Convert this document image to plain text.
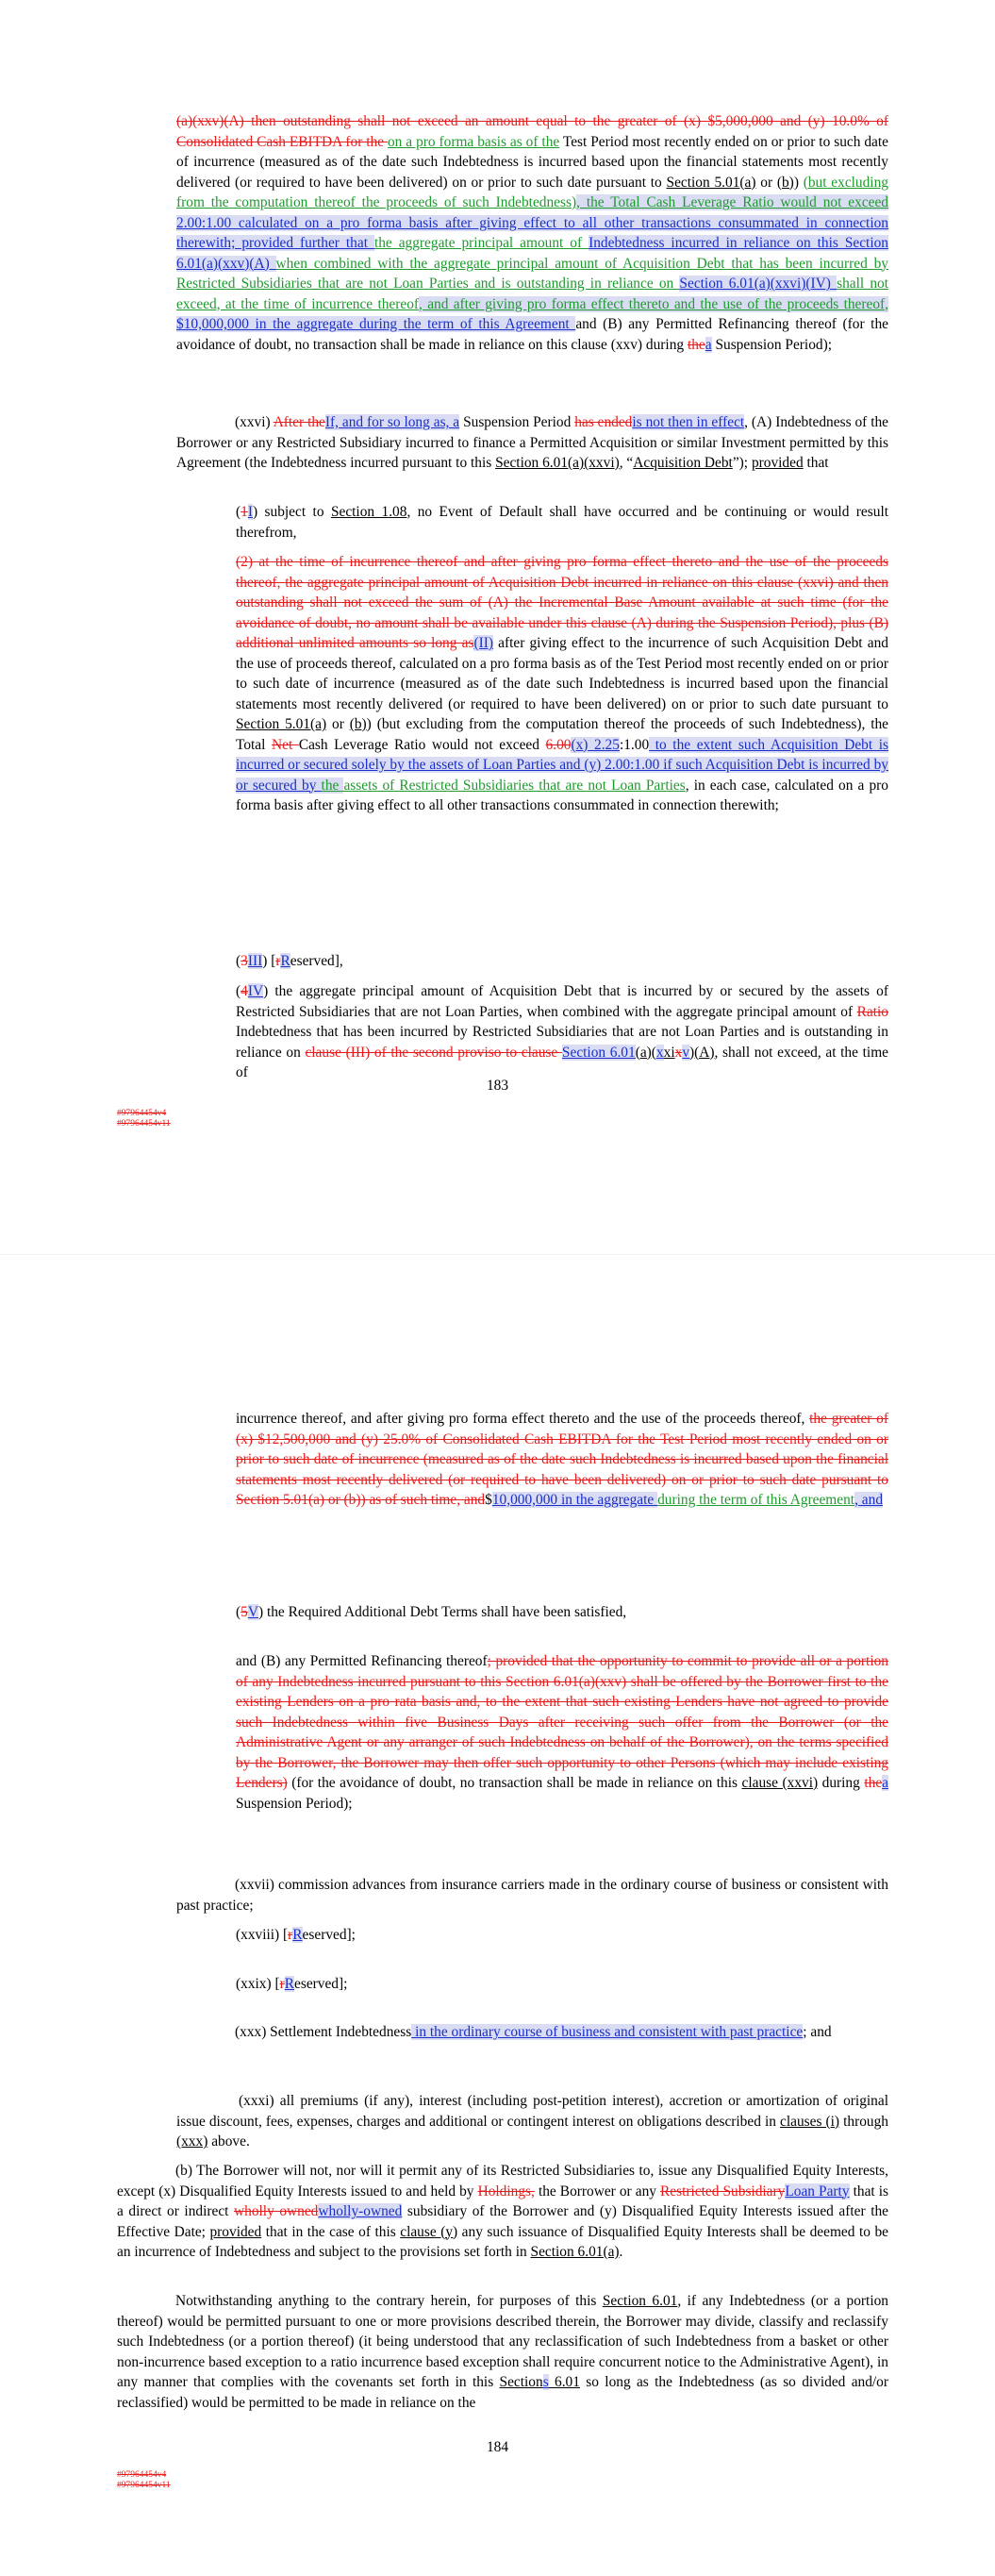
(a)(xxv)(A) then outstanding shall not exceed an amount equal to the greater of (x) $5,000,000 and (y) 10.0% of Consolidated Cash EBITDA for the on a pro forma basis as of the Test Period most recently ended on or prior to such date of incurrence (measured as of the date such Indebtedness is incurred based upon the financial statements most recently delivered (or required to have been delivered) on or prior to such date pursuant to Section 5.01(a) or (b)) (but excluding from the computation thereof the proceeds of such Indebtedness), the Total Cash Leverage Ratio would not exceed 2.00:1.00 calculated on a pro forma basis after giving effect to all other transactions consummated in connection therewith; provided further that the aggregate principal amount of Indebtedness incurred in reliance on this Section 6.01(a)(xxv)(A) when combined with the aggregate principal amount of Acquisition Debt that has been incurred by Restricted Subsidiaries that are not Loan Parties and is outstanding in reliance on Section 6.01(a)(xxvi)(IV) shall not exceed, at the time of incurrence thereof, and after giving pro forma effect thereto and the use of the proceeds thereof, $10,000,000 in the aggregate during the term of this Agreement and (B) any Permitted Refinancing thereof (for the avoidance of doubt, no transaction shall be made in reliance on this clause (xxv) during thea Suspension Period);

(xxvi) After theIf, and for so long as, a Suspension Period has endedis not then in effect, (A) Indebtedness of the Borrower or any Restricted Subsidiary incurred to finance a Permitted Acquisition or similar Investment permitted by this Agreement (the Indebtedness incurred pursuant to this Section 6.01(a)(xxvi), “Acquisition Debt”); provided that

(1I) subject to Section 1.08, no Event of Default shall have occurred and be continuing or would result therefrom,

(2) at the time of incurrence thereof and after giving pro forma effect thereto and the use of the proceeds thereof, the aggregate principal amount of Acquisition Debt incurred in reliance on this clause (xxvi) and then outstanding shall not exceed the sum of (A) the Incremental Base Amount available at such time (for the avoidance of doubt, no amount shall be available under this clause (A) during the Suspension Period), plus (B) additional unlimited amounts so long as(II) after giving effect to the incurrence of such Acquisition Debt and the use of proceeds thereof, calculated on a pro forma basis as of the Test Period most recently ended on or prior to such date of incurrence (measured as of the date such Indebtedness is incurred based upon the financial statements most recently delivered (or required to have been delivered) on or prior to such date pursuant to Section 5.01(a) or (b)) (but excluding from the computation thereof the proceeds of such Indebtedness), the Total Net Cash Leverage Ratio would not exceed 6.00(x) 2.25:1.00 to the extent such Acquisition Debt is incurred or secured solely by the assets of Loan Parties and (y) 2.00:1.00 if such Acquisition Debt is incurred by or secured by the assets of Restricted Subsidiaries that are not Loan Parties, in each case, calculated on a pro forma basis after giving effect to all other transactions consummated in connection therewith;

(3III) [rReserved],

(4IV) the aggregate principal amount of Acquisition Debt that is incurred by or secured by the assets of Restricted Subsidiaries that are not Loan Parties, when combined with the aggregate principal amount of Ratio Indebtedness that has been incurred by Restricted Subsidiaries that are not Loan Parties and is outstanding in reliance on clause (III) of the second proviso to clause Section 6.01(a)(xxixv)(A), shall not exceed, at the time of

183
#97964454v4
#97964454v11

incurrence thereof, and after giving pro forma effect thereto and the use of the proceeds thereof, the greater of (x) $12,500,000 and (y) 25.0% of Consolidated Cash EBITDA for the Test Period most recently ended on or prior to such date of incurrence (measured as of the date such Indebtedness is incurred based upon the financial statements most recently delivered (or required to have been delivered) on or prior to such date pursuant to Section 5.01(a) or (b)) as of such time, and$10,000,000 in the aggregate during the term of this Agreement, and

(5V) the Required Additional Debt Terms shall have been satisfied,

and (B) any Permitted Refinancing thereof; provided that the opportunity to commit to provide all or a portion of any Indebtedness incurred pursuant to this Section 6.01(a)(xxv) shall be offered by the Borrower first to the existing Lenders on a pro rata basis and, to the extent that such existing Lenders have not agreed to provide such Indebtedness within five Business Days after receiving such offer from the Borrower (or the Administrative Agent or any arranger of such Indebtedness on behalf of the Borrower), on the terms specified by the Borrower, the Borrower may then offer such opportunity to other Persons (which may include existing Lenders) (for the avoidance of doubt, no transaction shall be made in reliance on this clause (xxvi) during thea Suspension Period);

(xxvii) commission advances from insurance carriers made in the ordinary course of business or consistent with past practice;

(xxviii) [rReserved];

(xxix) [rReserved];

(xxx) Settlement Indebtedness in the ordinary course of business and consistent with past practice; and

(xxxi) all premiums (if any), interest (including post-petition interest), accretion or amortization of original issue discount, fees, expenses, charges and additional or contingent interest on obligations described in clauses (i) through (xxx) above.

(b) The Borrower will not, nor will it permit any of its Restricted Subsidiaries to, issue any Disqualified Equity Interests, except (x) Disqualified Equity Interests issued to and held by Holdings, the Borrower or any Restricted SubsidiaryLoan Party that is a direct or indirect wholly ownedwholly-owned subsidiary of the Borrower and (y) Disqualified Equity Interests issued after the Effective Date; provided that in the case of this clause (y) any such issuance of Disqualified Equity Interests shall be deemed to be an incurrence of Indebtedness and subject to the provisions set forth in Section 6.01(a).

Notwithstanding anything to the contrary herein, for purposes of this Section 6.01, if any Indebtedness (or a portion thereof) would be permitted pursuant to one or more provisions described therein, the Borrower may divide, classify and reclassify such Indebtedness (or a portion thereof) (it being understood that any reclassification of such Indebtedness from a basket or other non-incurrence based exception to a ratio incurrence based exception shall require concurrent notice to the Administrative Agent), in any manner that complies with the covenants set forth in this Sections 6.01 so long as the Indebtedness (as so divided and/or reclassified) would be permitted to be made in reliance on the

184
#97964454v4
#97964454v11
